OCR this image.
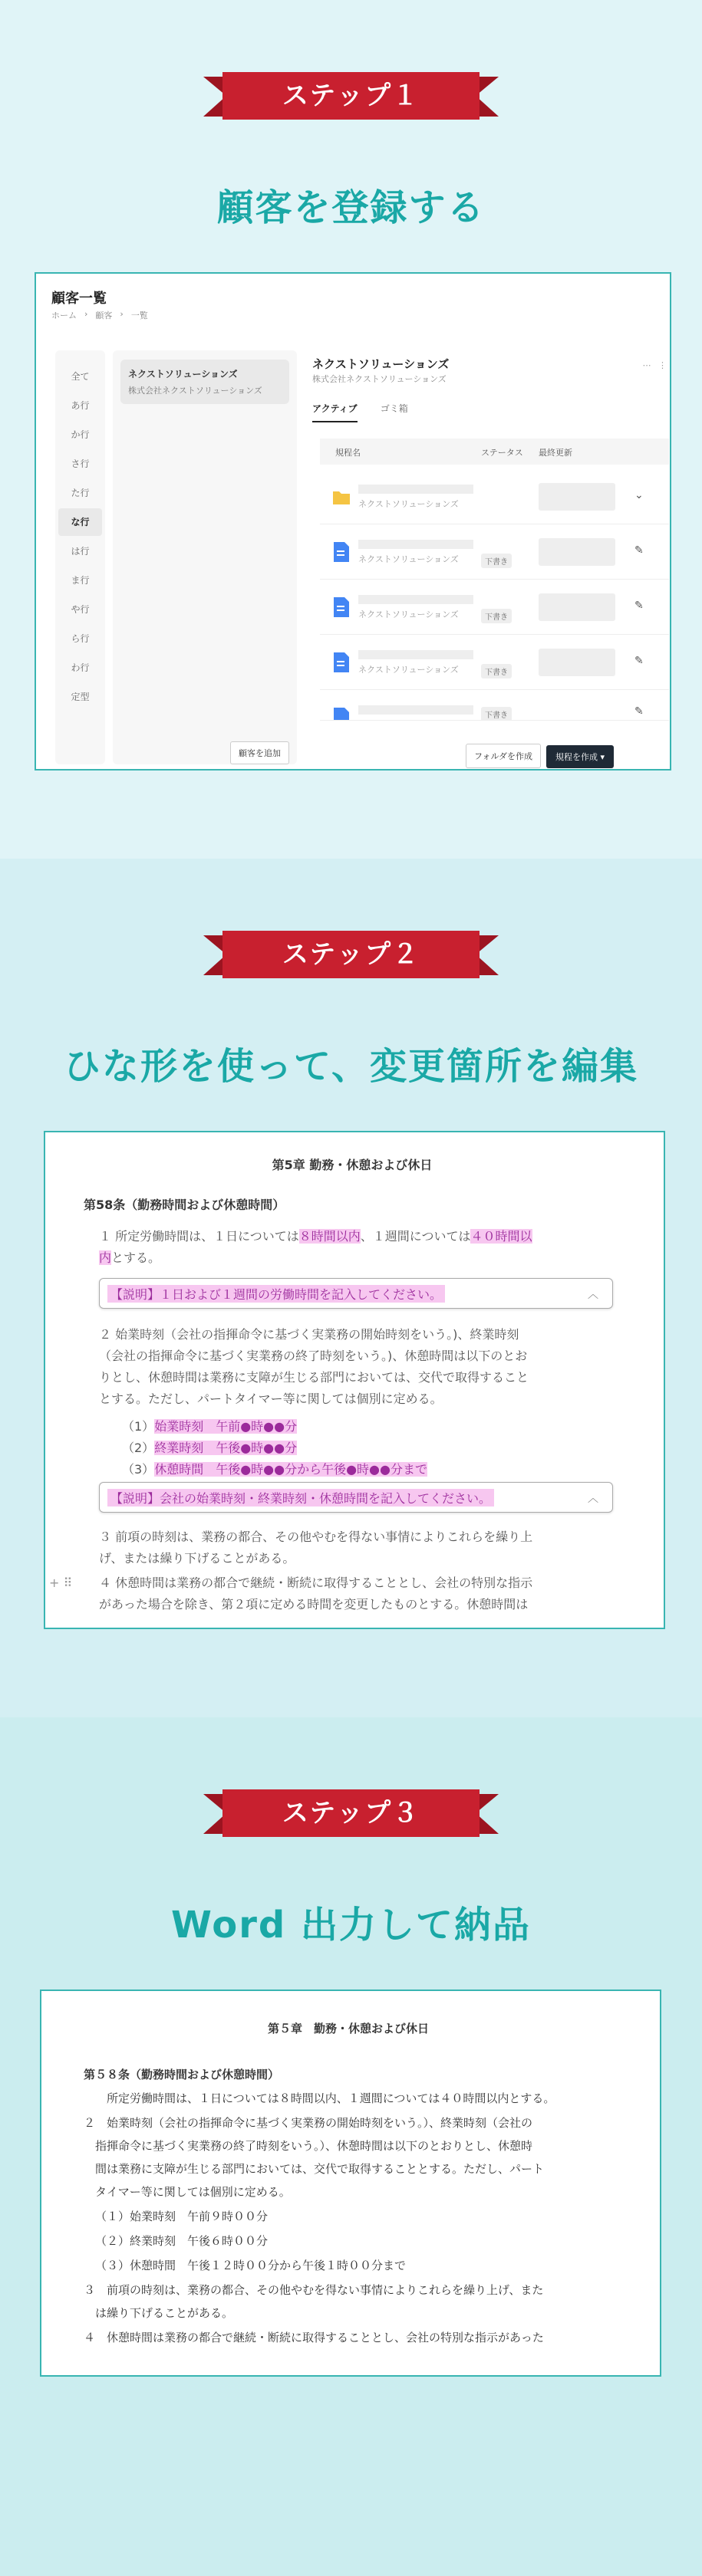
ステップ１
顧客を登録する
顧客一覧
ホーム › 顧客 › 一覧
全て
あ行
か行
さ行
た行
な行
は行
ま行
や行
ら行
わ行
定型
ネクストソリューションズ
株式会社ネクストソリューションズ
顧客を追加
ネクストソリューションズ
株式会社ネクストソリューションズ
⋯ ⋮
アクティブ	ゴミ箱
規程名	ステータス 最終更新
ネクストソリューションズ
⌄
ネクストソリューションズ	下書き
✎
ネクストソリューションズ	下書き
✎
ネクストソリューションズ	下書き
✎
下書き	✎
フォルダを作成	規程を作成 ▾
ステップ２
ひな形を使って、変更箇所を編集
第5章 勤務・休憩および休日
第58条（勤務時間および休憩時間）
１ 所定労働時間は、１日については８時間以内、１週間については４０時間以
内とする。
【説明】１日および１週間の労働時間を記入してください。	︿
２ 始業時刻（会社の指揮命令に基づく実業務の開始時刻をいう。)、終業時刻
（会社の指揮命令に基づく実業務の終了時刻をいう。)、休憩時間は以下のとお
りとし、休憩時間は業務に支障が生じる部門においては、交代で取得すること
とする。ただし、パートタイマー等に関しては個別に定める。
（1）始業時刻　午前●時●●分
（2）終業時刻　午後●時●●分
（3）休憩時間　午後●時●●分から午後●時●●分まで
【説明】会社の始業時刻・終業時刻・休憩時間を記入してください。	︿
３ 前項の時刻は、業務の都合、その他やむを得ない事情によりこれらを繰り上
げ、または繰り下げることがある。
+ ⠿ ４ 休憩時間は業務の都合で継続・断続に取得することとし、会社の特別な指示
があった場合を除き、第２項に定める時間を変更したものとする。休憩時間は
ステップ３
Word 出力して納品
第５章　勤務・休憩および休日
第５８条（勤務時間および休憩時間）
所定労働時間は、１日については８時間以内、１週間については４０時間以内とする。
２　始業時刻（会社の指揮命令に基づく実業務の開始時刻をいう。）、終業時刻（会社の
指揮命令に基づく実業務の終了時刻をいう。）、休憩時間は以下のとおりとし、休憩時
間は業務に支障が生じる部門においては、交代で取得することとする。ただし、パート
タイマー等に関しては個別に定める。
（１）始業時刻　午前９時００分
（２）終業時刻　午後６時００分
（３）休憩時間　午後１２時００分から午後１時００分まで
３　前項の時刻は、業務の都合、その他やむを得ない事情によりこれらを繰り上げ、また
は繰り下げることがある。
４　休憩時間は業務の都合で継続・断続に取得することとし、会社の特別な指示があった
